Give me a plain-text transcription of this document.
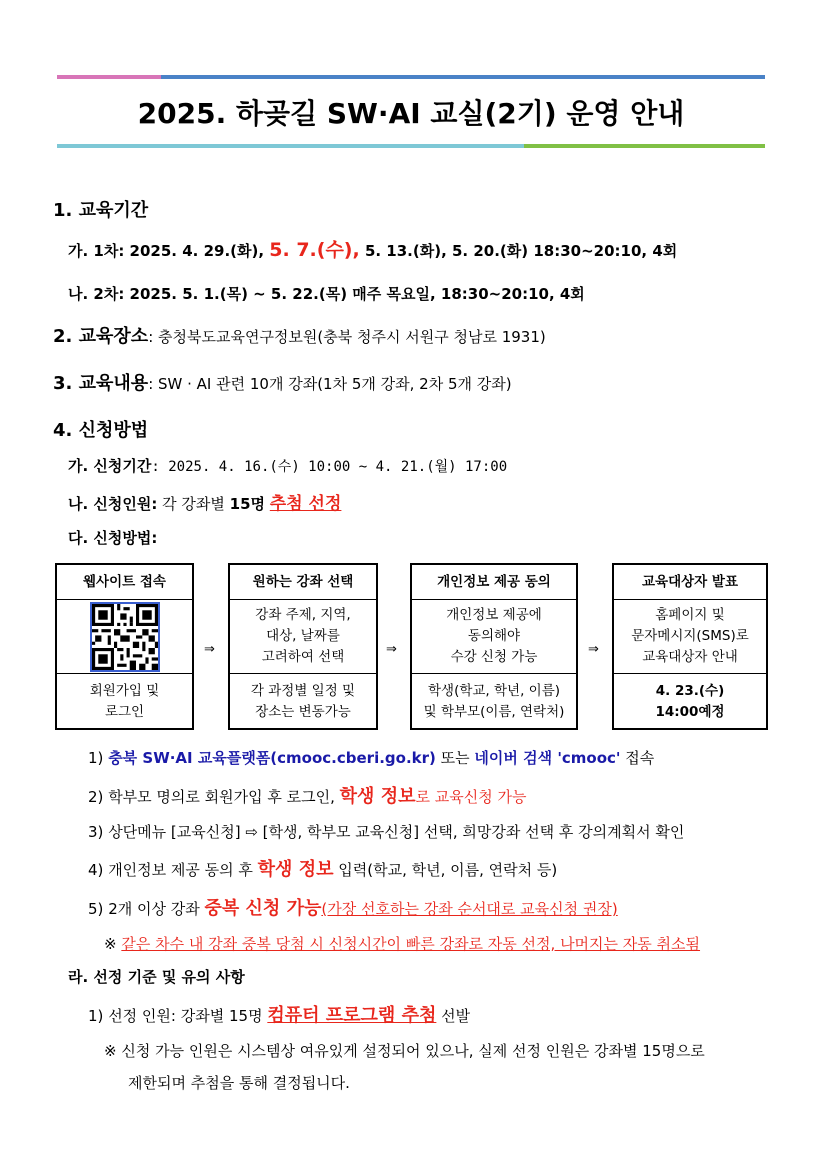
2025. 하곶길 SW·AI 교실(2기) 운영 안내
1. 교육기간
가. 1차: 2025. 4. 29.(화), 5. 7.(수), 5. 13.(화), 5. 20.(화) 18:30~20:10, 4회
나. 2차: 2025. 5. 1.(목) ~ 5. 22.(목) 매주 목요일, 18:30~20:10, 4회
2. 교육장소: 충청북도교육연구정보원(충북 청주시 서원구 청남로 1931)
3. 교육내용: SW · AI 관련 10개 강좌(1차 5개 강좌, 2차 5개 강좌)
4. 신청방법
가. 신청기간: 2025. 4. 16.(수) 10:00 ~ 4. 21.(월) 17:00
나. 신청인원: 각 강좌별 15명 추첨 선정
다. 신청방법:
웹사이트 접속
회원가입 및
로그인
⇒
원하는 강좌 선택
강좌 주제, 지역,
대상, 날짜를
고려하여 선택
각 과정별 일정 및
장소는 변동가능
⇒
개인정보 제공 동의
개인정보 제공에
동의해야
수강 신청 가능
학생(학교, 학년, 이름)
및 학부모(이름, 연락처)
⇒
교육대상자 발표
홈페이지 및
문자메시지(SMS)로
교육대상자 안내
4. 23.(수)
14:00예정
1) 충북 SW·AI 교육플랫폼(cmooc.cberi.go.kr) 또는 네이버 검색 'cmooc' 접속
2) 학부모 명의로 회원가입 후 로그인, 학생 정보로 교육신청 가능
3) 상단메뉴 [교육신청] ⇨ [학생, 학부모 교육신청] 선택, 희망강좌 선택 후 강의계획서 확인
4) 개인정보 제공 동의 후 학생 정보 입력(학교, 학년, 이름, 연락처 등)
5) 2개 이상 강좌 중복 신청 가능(가장 선호하는 강좌 순서대로 교육신청 권장)
※ 같은 차수 내 강좌 중복 당첨 시 신청시간이 빠른 강좌로 자동 선정, 나머지는 자동 취소됨
라. 선정 기준 및 유의 사항
1) 선정 인원: 강좌별 15명 컴퓨터 프로그램 추첨 선발
※ 신청 가능 인원은 시스템상 여유있게 설정되어 있으나, 실제 선정 인원은 강좌별 15명으로
제한되며 추첨을 통해 결정됩니다.
